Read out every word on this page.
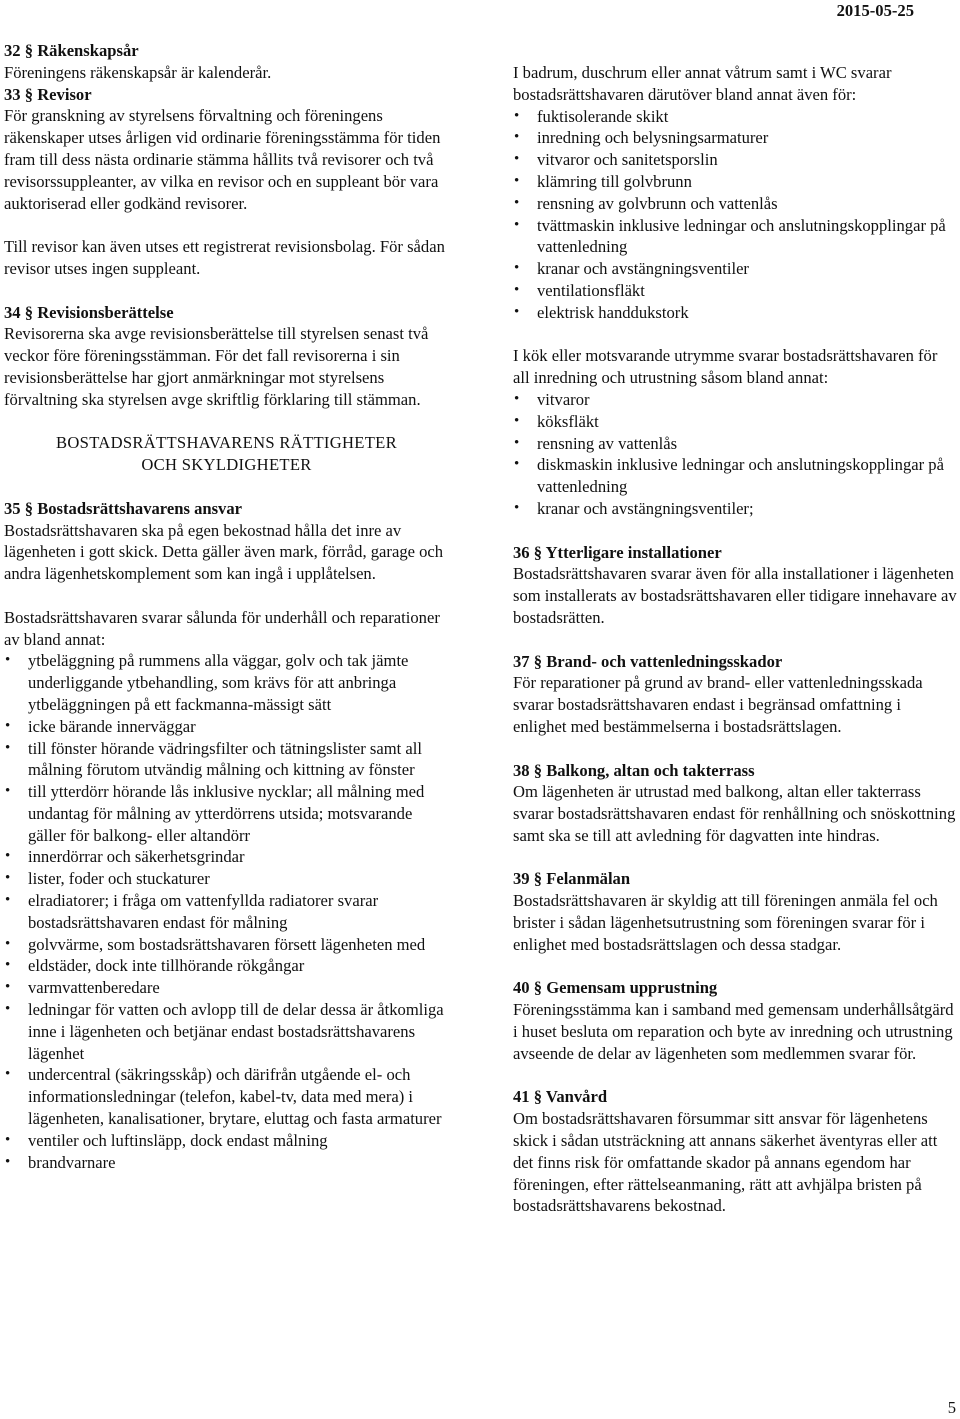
2015-05-25
32 § Räkenskapsår

Föreningens räkenskapsår är kalenderår.

33 § Revisor

För granskning av styrelsens förvaltning och föreningens räkenskaper utses årligen vid ordinarie föreningsstämma för tiden fram till dess nästa ordinarie stämma hållits två revisorer och två revisorssuppleanter, av vilka en revisor och en suppleant bör vara auktoriserad eller godkänd revisorer.

Till revisor kan även utses ett registrerat revisionsbolag. För sådan revisor utses ingen suppleant.

34 § Revisionsberättelse

Revisorerna ska avge revisionsberättelse till styrelsen senast två veckor före föreningsstämman. För det fall revisorerna i sin revisionsberättelse har gjort anmärkningar mot styrelsens förvaltning ska styrelsen avge skriftlig förklaring till stämman.

BOSTADSRÄTTSHAVARENS RÄTTIGHETER
OCH SKYLDIGHETER
35 § Bostadsrättshavarens ansvar

Bostadsrättshavaren ska på egen bekostnad hålla det inre av lägenheten i gott skick. Detta gäller även mark, förråd, garage och andra lägenhetskomplement som kan ingå i upplåtelsen.

Bostadsrättshavaren svarar sålunda för underhåll och reparationer av bland annat:

• ytbeläggning på rummens alla väggar, golv och tak jämte underliggande ytbehandling, som krävs för att anbringa ytbeläggningen på ett fackmanna-mässigt sätt
• icke bärande innerväggar
• till fönster hörande vädringsfilter och tätningslister samt all målning förutom utvändig målning och kittning av fönster
• till ytterdörr hörande lås inklusive nycklar; all målning med undantag för målning av ytterdörrens utsida; motsvarande gäller för balkong- eller altandörr
• innerdörrar och säkerhetsgrindar
• lister, foder och stuckaturer
• elradiatorer; i fråga om vattenfyllda radiatorer svarar bostadsrättshavaren endast för målning
• golvvärme, som bostadsrättshavaren försett lägenheten med
• eldstäder, dock inte tillhörande rökgångar
• varmvattenberedare
• ledningar för vatten och avlopp till de delar dessa är åtkomliga inne i lägenheten och betjänar endast bostadsrättshavarens lägenhet
• undercentral (säkringsskåp) och därifrån utgående el- och informationsledningar (telefon, kabel-tv, data med mera) i lägenheten, kanalisationer, brytare, eluttag och fasta armaturer
• ventiler och luftinsläpp, dock endast målning
• brandvarnare

I badrum, duschrum eller annat våtrum samt i WC svarar bostadsrättshavaren därutöver bland annat även för:

• fuktisolerande skikt
• inredning och belysningsarmaturer
• vitvaror och sanitetsporslin
• klämring till golvbrunn
• rensning av golvbrunn och vattenlås
• tvättmaskin inklusive ledningar och anslutningskopplingar på vattenledning
• kranar och avstängningsventiler
• ventilationsfläkt
• elektrisk handdukstork

I kök eller motsvarande utrymme svarar bostadsrättshavaren för all inredning och utrustning såsom bland annat:

• vitvaror
• köksfläkt
• rensning av vattenlås
• diskmaskin inklusive ledningar och anslutningskopplingar på vattenledning
• kranar och avstängningsventiler;
36 § Ytterligare installationer

Bostadsrättshavaren svarar även för alla installationer i lägenheten som installerats av bostadsrättshavaren eller tidigare innehavare av bostadsrätten.

37 § Brand- och vattenledningsskador

För reparationer på grund av brand- eller vattenledningsskada svarar bostadsrättshavaren endast i begränsad omfattning i enlighet med bestämmelserna i bostadsrättslagen.

38 § Balkong, altan och takterrass

Om lägenheten är utrustad med balkong, altan eller takterrass svarar bostadsrättshavaren endast för renhållning och snöskottning samt ska se till att avledning för dagvatten inte hindras.

39 § Felanmälan

Bostadsrättshavaren är skyldig att till föreningen anmäla fel och brister i sådan lägenhetsutrustning som föreningen svarar för i enlighet med bostadsrättslagen och dessa stadgar.

40 § Gemensam upprustning

Föreningsstämma kan i samband med gemensam underhållsåtgärd i huset besluta om reparation och byte av inredning och utrustning avseende de delar av lägenheten som medlemmen svarar för.

41 § Vanvård

Om bostadsrättshavaren försummar sitt ansvar för lägenhetens skick i sådan utsträckning att annans säkerhet äventyras eller att det finns risk för omfattande skador på annans egendom har föreningen, efter rättelseanmaning, rätt att avhjälpa bristen på bostadsrättshavarens bekostnad.

5
